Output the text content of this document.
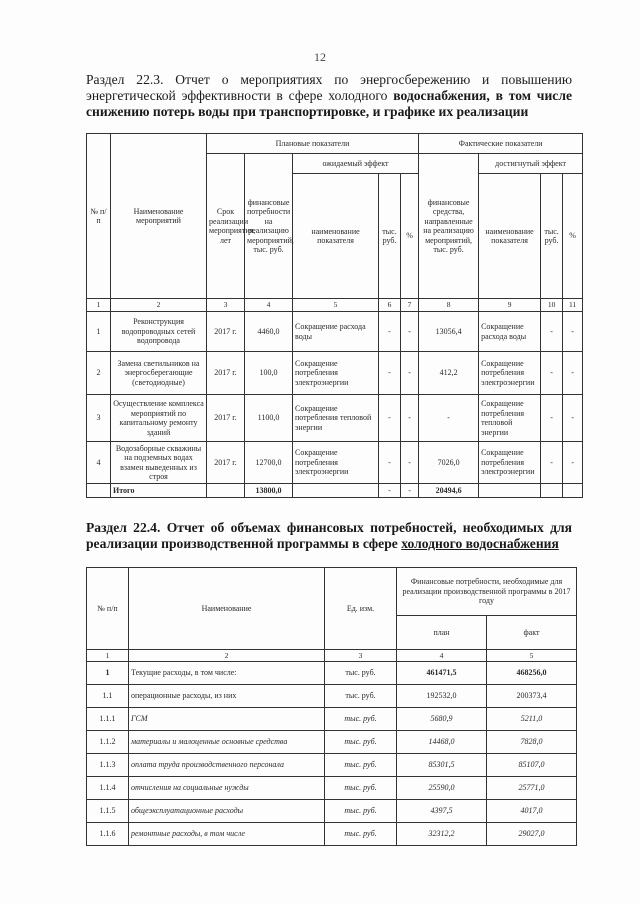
12
Раздел 22.3. Отчет о мероприятиях по энергосбережению и повышению энергетической эффективности в сфере холодного водоснабжения, в том числе снижению потерь воды при транспортировке, и графике их реализации
№ п/п	Наименование мероприятий	Плановые показатели					Фактические показатели			
		Срок реализации мероприятия, лет	финансовые потребности на реализацию мероприятий, тыс. руб.	ожидаемый эффект			финансовые средства, направленные на реализацию мероприятий, тыс. руб.	достигнутый эффект		
				наименование показателя	тыс. руб.	%		наименование показателя	тыс. руб.	%
1	2	3	4	5	6	7	8	9	10	11
1	Реконструкция водопроводных сетей водопровода	2017 г.	4460,0	Сокращение расхода воды	-	-	13056,4	Сокращение расхода воды	-	-
2	Замена светильников на энергосберегающие (светодиодные)	2017 г.	100,0	Сокращение потребления электроэнергии	-	-	412,2	Сокращение потребления электроэнергии	-	-
3	Осуществление комплекса мероприятий по капитальному ремонту зданий	2017 г.	1100,0	Сокращение потребления тепловой энергии	-	-	-	Сокращение потребления тепловой энергии	-	-
4	Водозаборные скважины на подземных водах взамен выведенных из строя	2017 г.	12700,0	Сокращение потребления электроэнергии	-	-	7026,0	Сокращение потребления электроэнергии	-	-
	Итого		13800,0		-	-	20494,6			
Раздел 22.4. Отчет об объемах финансовых потребностей, необходимых для реализации производственной программы в сфере холодного водоснабжения
№ п/п	Наименование	Ед. изм.	Финансовые потребности, необходимые для реализации производственной программы в 2017 году	
			план	факт
1	2	3	4	5
1	Текущие расходы, в том числе:	тыс. руб.	461471,5	468256,0
1.1	операционные расходы, из них	тыс. руб.	192532,0	200373,4
1.1.1	ГСМ	тыс. руб.	5680,9	5211,0
1.1.2	материалы и малоценные основные средства	тыс. руб.	14468,0	7828,0
1.1.3	оплата труда производственного персонала	тыс. руб.	85301,5	85107,0
1.1.4	отчисления на социальные нужды	тыс. руб.	25590,0	25771,0
1.1.5	общеэксплуатационные расходы	тыс. руб.	4397,5	4017,0
1.1.6	ремонтные расходы, в том числе	тыс. руб.	32312,2	29027,0
